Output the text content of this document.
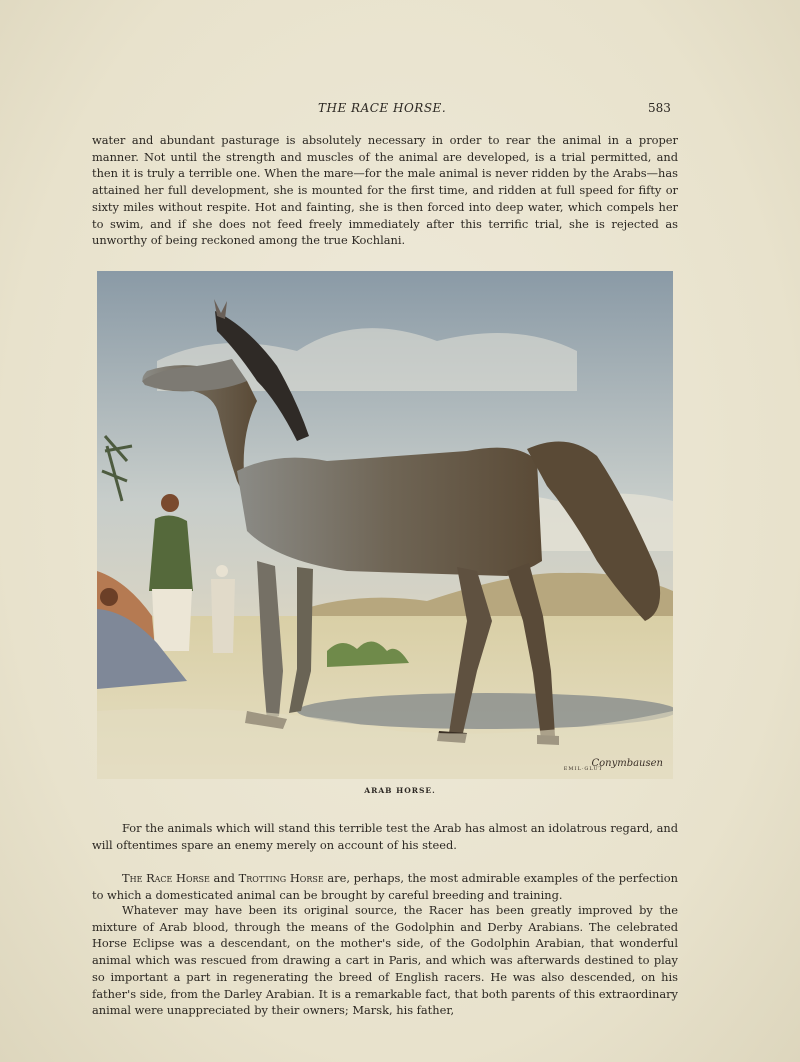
THE RACE HORSE.	583

water and abundant pasturage is absolutely necessary in order to rear the animal in a proper manner. Not until the strength and muscles of the animal are developed, is a trial permitted, and then it is truly a terrible one. When the mare—for the male animal is never ridden by the Arabs—has attained her full development, she is mounted for the first time, and ridden at full speed for fifty or sixty miles without respite. Hot and fainting, she is then forced into deep water, which compels her to swim, and if she does not feed freely immediately after this terrific trial, she is rejected as unworthy of being reckoned among the true Kochlani.

EMIL·GLUT
Conymbausen
ARAB HORSE.

For the animals which will stand this terrible test the Arab has almost an idolatrous regard, and will oftentimes spare an enemy merely on account of his steed.

The Race Horse and Trotting Horse are, perhaps, the most admirable examples of the perfection to which a domesticated animal can be brought by careful breeding and training.

Whatever may have been its original source, the Racer has been greatly improved by the mixture of Arab blood, through the means of the Godolphin and Derby Arabians. The celebrated Horse Eclipse was a descendant, on the mother's side, of the Godolphin Arabian, that wonderful animal which was rescued from drawing a cart in Paris, and which was afterwards destined to play so important a part in regenerating the breed of English racers. He was also descended, on his father's side, from the Darley Arabian. It is a remarkable fact, that both parents of this extraordinary animal were unappreciated by their owners; Marsk, his father,
